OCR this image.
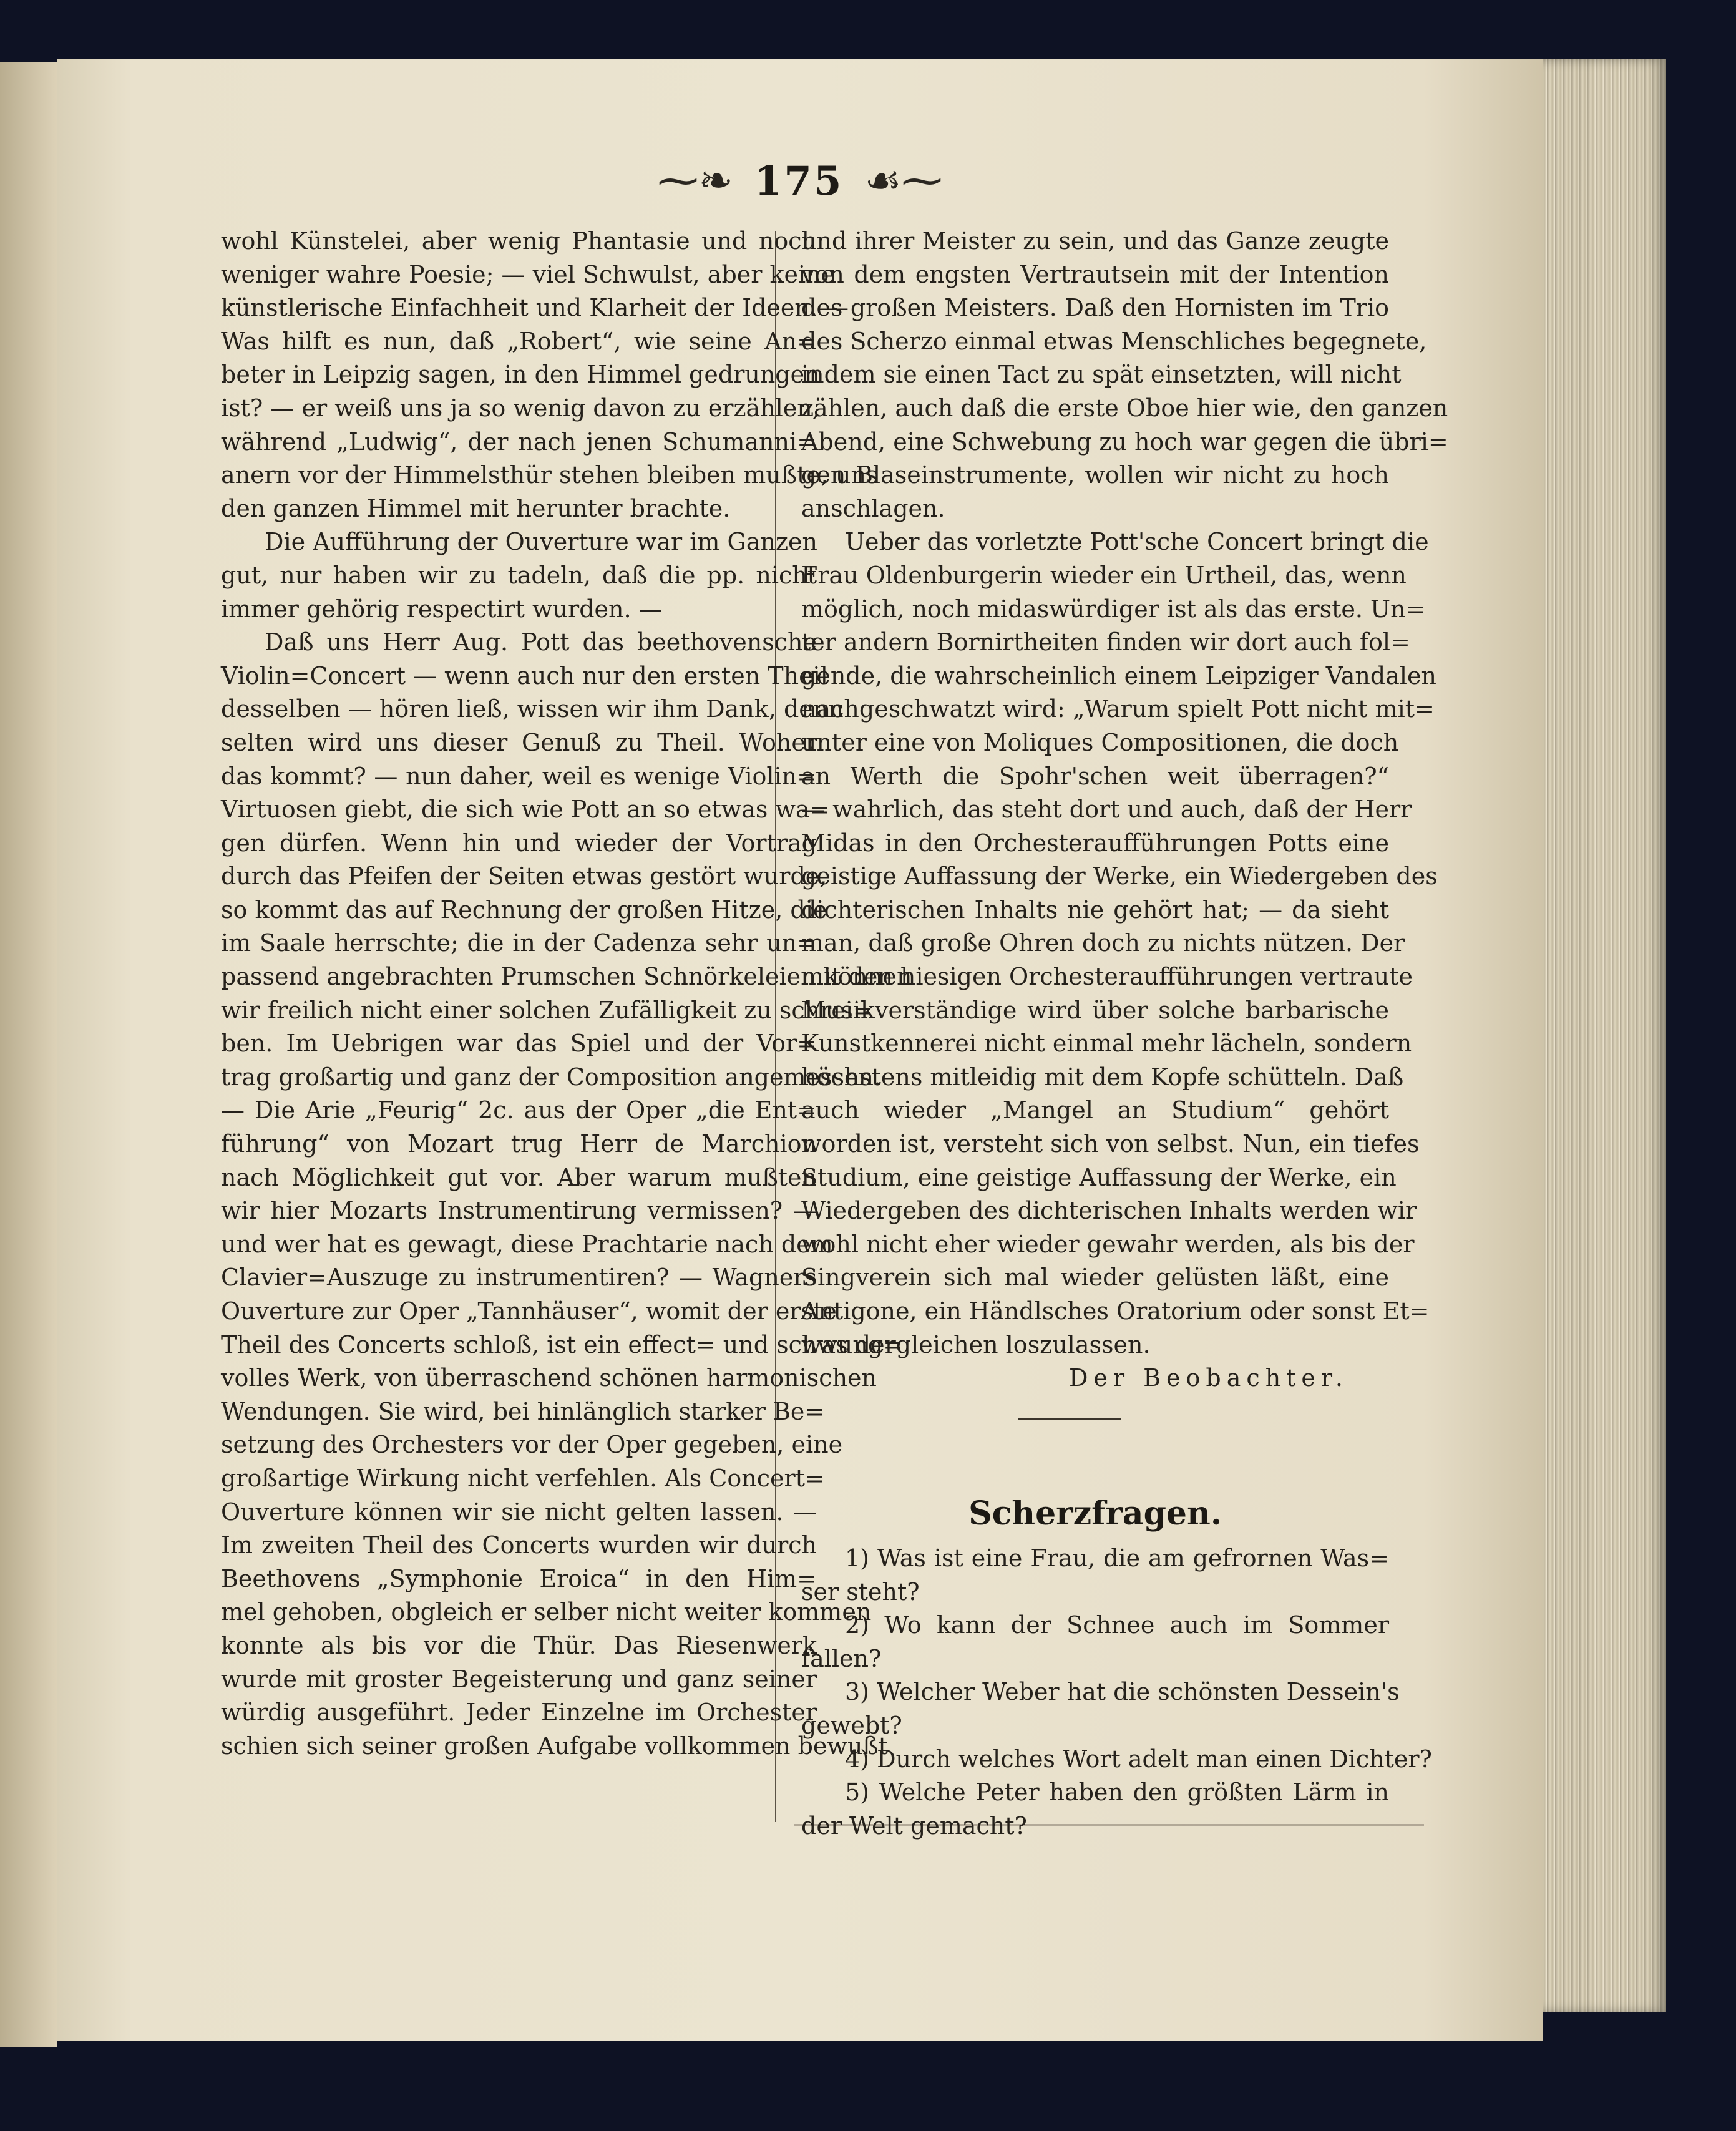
⁓❧ 175 ☙⁓
wohl Künstelei, aber wenig Phantasie und noch
weniger wahre Poesie; — viel Schwulst, aber keine
künstlerische Einfachheit und Klarheit der Ideen. —
Was hilft es nun, daß „Robert“, wie seine An=
beter in Leipzig sagen, in den Himmel gedrungen
ist? — er weiß uns ja so wenig davon zu erzählen,
während „Ludwig“, der nach jenen Schumanni=
anern vor der Himmelsthür stehen bleiben mußte, uns
den ganzen Himmel mit herunter brachte.
Die Aufführung der Ouverture war im Ganzen
gut, nur haben wir zu tadeln, daß die pp. nicht
immer gehörig respectirt wurden. —
Daß uns Herr Aug. Pott das beethovensche
Violin=Concert — wenn auch nur den ersten Theil
desselben — hören ließ, wissen wir ihm Dank, denn
selten wird uns dieser Genuß zu Theil. Woher
das kommt? — nun daher, weil es wenige Violin=
Virtuosen giebt, die sich wie Pott an so etwas wa=
gen dürfen. Wenn hin und wieder der Vortrag
durch das Pfeifen der Seiten etwas gestört wurde,
so kommt das auf Rechnung der großen Hitze, die
im Saale herrschte; die in der Cadenza sehr un=
passend angebrachten Prumschen Schnörkeleien können
wir freilich nicht einer solchen Zufälligkeit zu schrei=
ben. Im Uebrigen war das Spiel und der Vor=
trag großartig und ganz der Composition angemessen.
— Die Arie „Feurig“ 2c. aus der Oper „die Ent=
führung“ von Mozart trug Herr de Marchion
nach Möglichkeit gut vor. Aber warum mußten
wir hier Mozarts Instrumentirung vermissen? —
und wer hat es gewagt, diese Prachtarie nach dem
Clavier=Auszuge zu instrumentiren? — Wagners
Ouverture zur Oper „Tannhäuser“, womit der erste
Theil des Concerts schloß, ist ein effect= und schwung=
volles Werk, von überraschend schönen harmonischen
Wendungen. Sie wird, bei hinlänglich starker Be=
setzung des Orchesters vor der Oper gegeben, eine
großartige Wirkung nicht verfehlen. Als Concert=
Ouverture können wir sie nicht gelten lassen. —
Im zweiten Theil des Concerts wurden wir durch
Beethovens „Symphonie Eroica“ in den Him=
mel gehoben, obgleich er selber nicht weiter kommen
konnte als bis vor die Thür. Das Riesenwerk
wurde mit groster Begeisterung und ganz seiner
würdig ausgeführt. Jeder Einzelne im Orchester
schien sich seiner großen Aufgabe vollkommen bewußt
und ihrer Meister zu sein, und das Ganze zeugte
von dem engsten Vertrautsein mit der Intention
des großen Meisters. Daß den Hornisten im Trio
des Scherzo einmal etwas Menschliches begegnete,
indem sie einen Tact zu spät einsetzten, will nicht
zählen, auch daß die erste Oboe hier wie, den ganzen
Abend, eine Schwebung zu hoch war gegen die übri=
gen Blaseinstrumente, wollen wir nicht zu hoch
anschlagen.
Ueber das vorletzte Pott'sche Concert bringt die
Frau Oldenburgerin wieder ein Urtheil, das, wenn
möglich, noch midaswürdiger ist als das erste. Un=
ter andern Bornirtheiten finden wir dort auch fol=
gende, die wahrscheinlich einem Leipziger Vandalen
nachgeschwatzt wird: „Warum spielt Pott nicht mit=
unter eine von Moliques Compositionen, die doch
an Werth die Spohr'schen weit überragen?“
— wahrlich, das steht dort und auch, daß der Herr
Midas in den Orchesteraufführungen Potts eine
geistige Auffassung der Werke, ein Wiedergeben des
dichterischen Inhalts nie gehört hat; — da sieht
man, daß große Ohren doch zu nichts nützen. Der
mit den hiesigen Orchesteraufführungen vertraute
Musikverständige wird über solche barbarische
Kunstkennerei nicht einmal mehr lächeln, sondern
höchstens mitleidig mit dem Kopfe schütteln. Daß
auch wieder „Mangel an Studium“ gehört
worden ist, versteht sich von selbst. Nun, ein tiefes
Studium, eine geistige Auffassung der Werke, ein
Wiedergeben des dichterischen Inhalts werden wir
wohl nicht eher wieder gewahr werden, als bis der
Singverein sich mal wieder gelüsten läßt, eine
Antigone, ein Händlsches Oratorium oder sonst Et=
was dergleichen loszulassen.
Der Beobachter.
Scherzfragen.
1) Was ist eine Frau, die am gefrornen Was=
ser steht?
2) Wo kann der Schnee auch im Sommer
fallen?
3) Welcher Weber hat die schönsten Dessein's
gewebt?
4) Durch welches Wort adelt man einen Dichter?
5) Welche Peter haben den größten Lärm in
der Welt gemacht?
